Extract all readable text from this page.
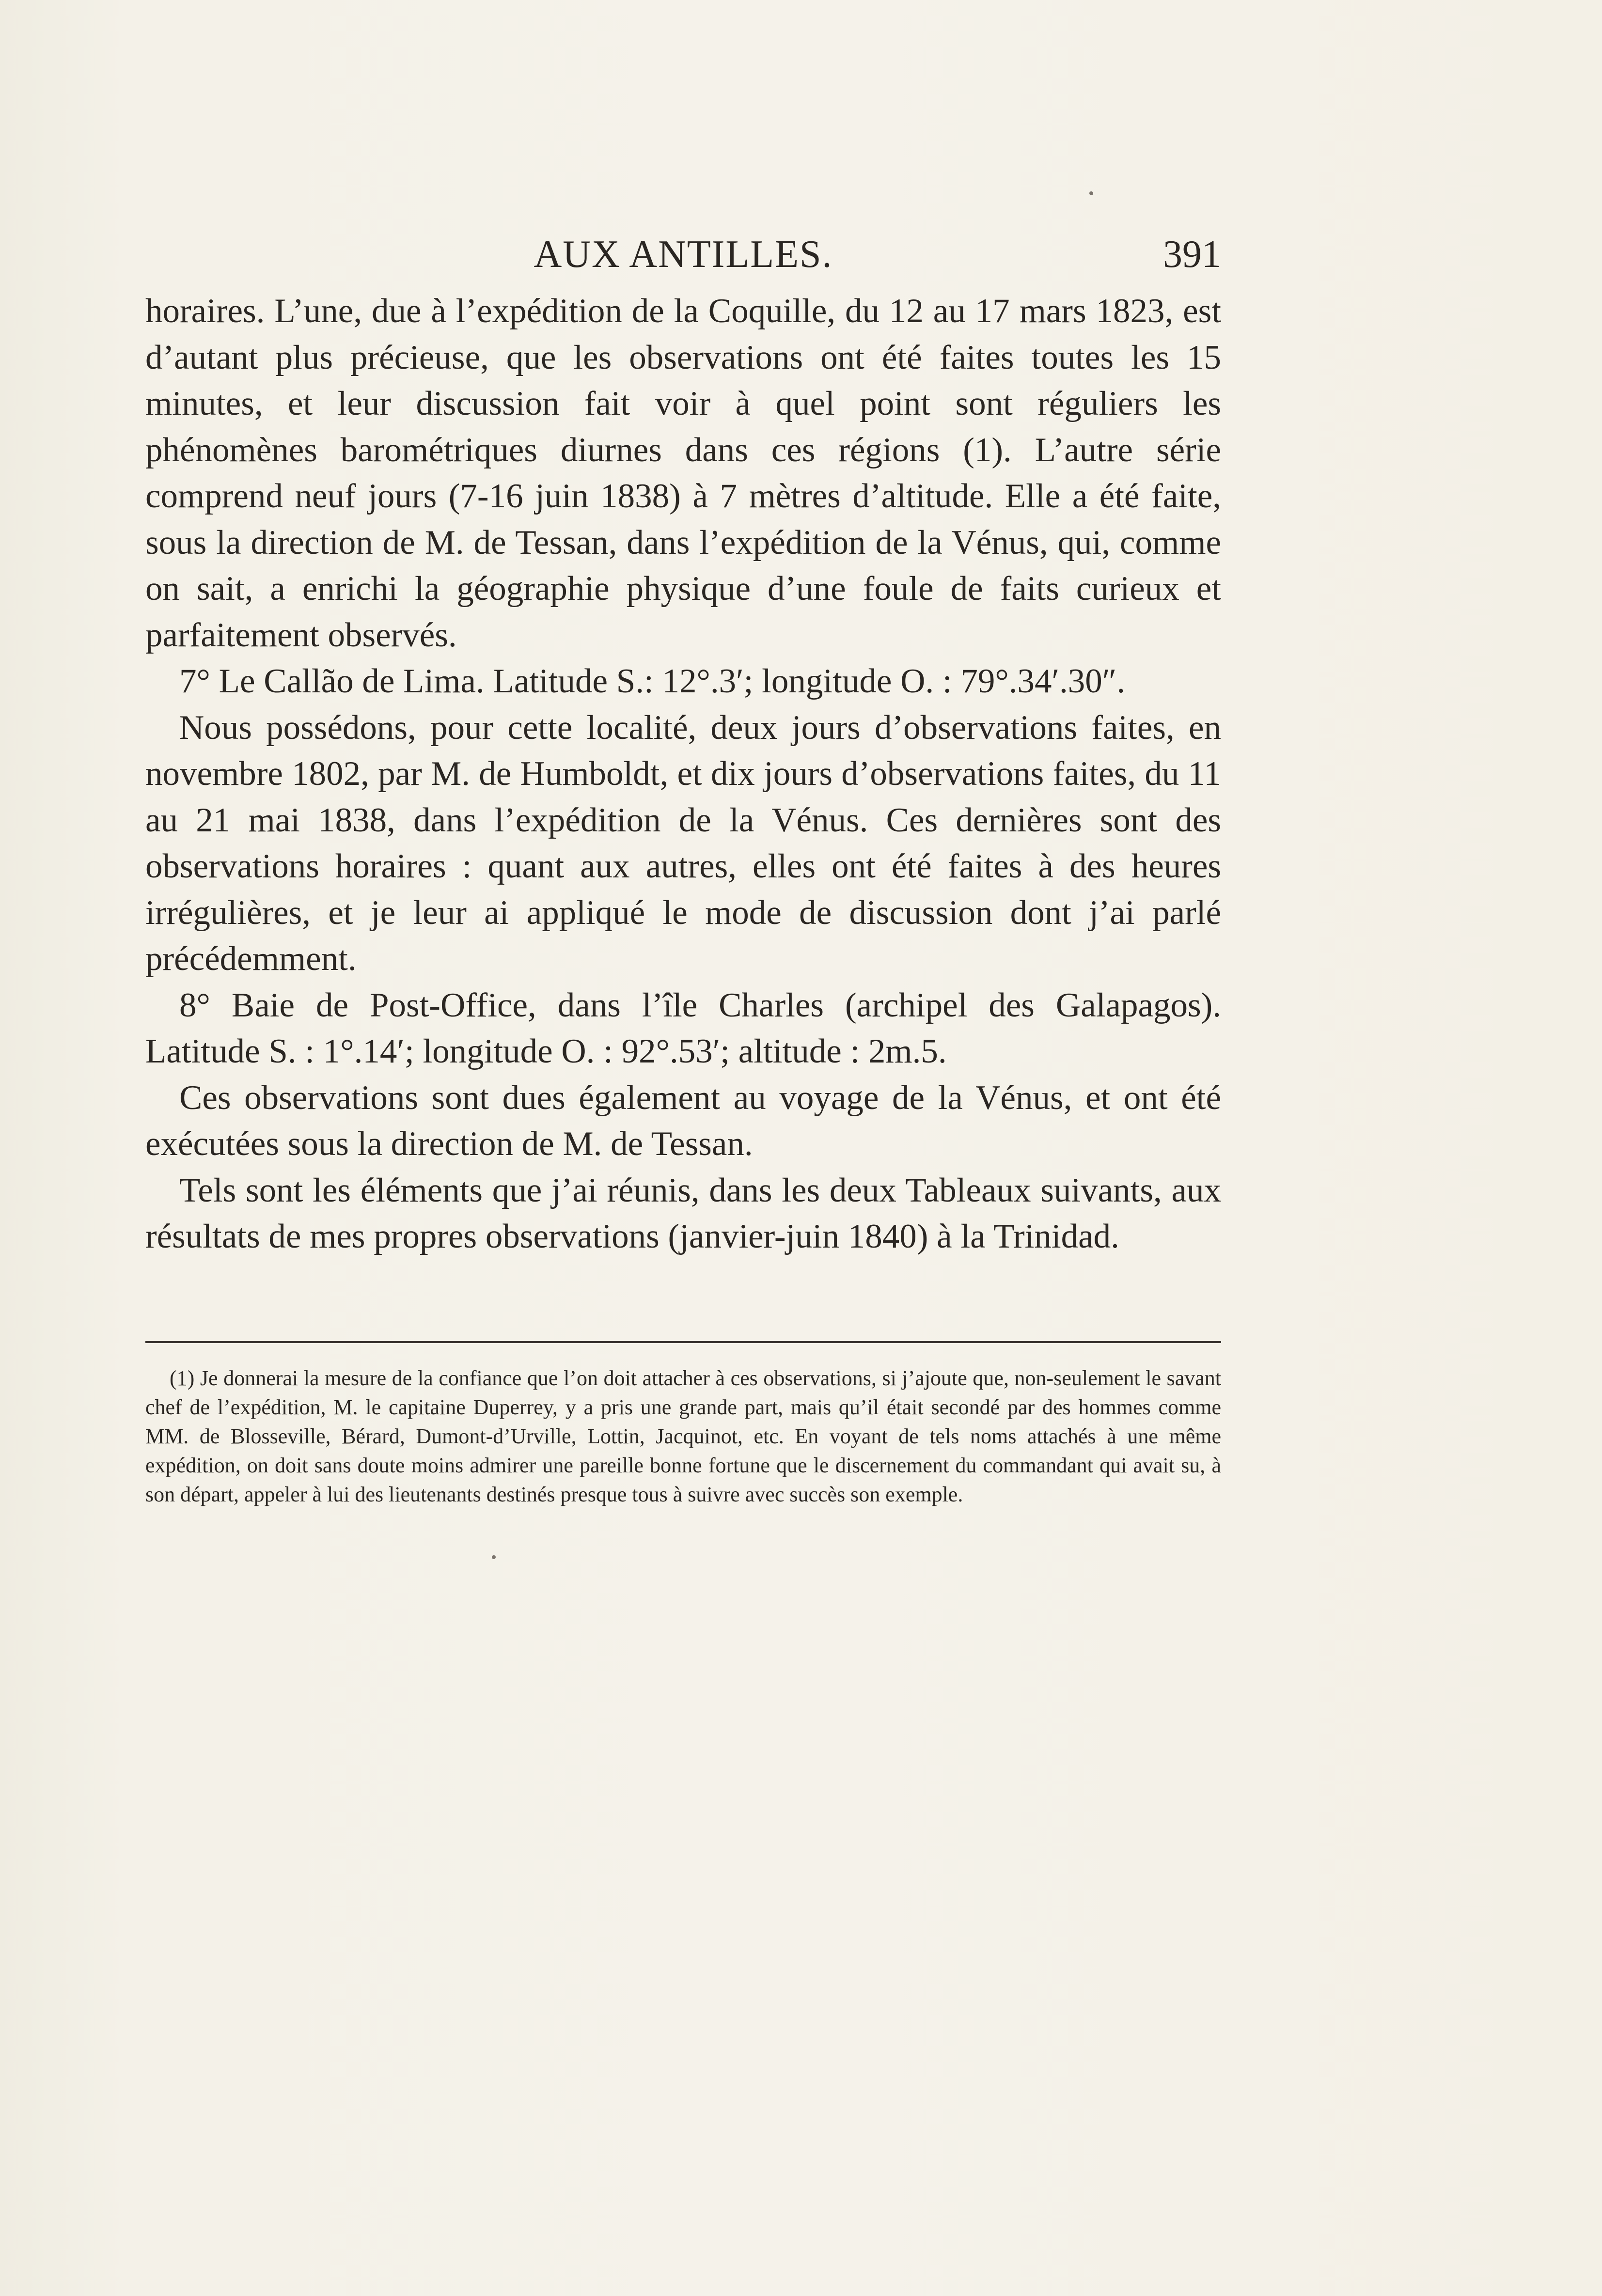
AUX ANTILLES.	391

horaires. L’une, due à l’expédition de la Coquille, du 12 au 17 mars 1823, est d’autant plus précieuse, que les observations ont été faites toutes les 15 minutes, et leur discussion fait voir à quel point sont réguliers les phénomènes barométriques diurnes dans ces régions (1). L’autre série comprend neuf jours (7-16 juin 1838) à 7 mètres d’altitude. Elle a été faite, sous la direction de M. de Tessan, dans l’expédition de la Vénus, qui, comme on sait, a enrichi la géographie physique d’une foule de faits curieux et parfaitement observés.

7° Le Callão de Lima. Latitude S.: 12°.3′; longitude O. : 79°.34′.30″.

Nous possédons, pour cette localité, deux jours d’observations faites, en novembre 1802, par M. de Humboldt, et dix jours d’observations faites, du 11 au 21 mai 1838, dans l’expédition de la Vénus. Ces dernières sont des observations horaires : quant aux autres, elles ont été faites à des heures irrégulières, et je leur ai appliqué le mode de discussion dont j’ai parlé précédemment.

8° Baie de Post-Office, dans l’île Charles (archipel des Galapagos). Latitude S. : 1°.14′; longitude O. : 92°.53′; altitude : 2m.5.

Ces observations sont dues également au voyage de la Vénus, et ont été exécutées sous la direction de M. de Tessan.

Tels sont les éléments que j’ai réunis, dans les deux Tableaux suivants, aux résultats de mes propres observations (janvier-juin 1840) à la Trinidad.

(1) Je donnerai la mesure de la confiance que l’on doit attacher à ces observations, si j’ajoute que, non-seulement le savant chef de l’expédition, M. le capitaine Duperrey, y a pris une grande part, mais qu’il était secondé par des hommes comme MM. de Blosseville, Bérard, Dumont-d’Urville, Lottin, Jacquinot, etc. En voyant de tels noms attachés à une même expédition, on doit sans doute moins admirer une pareille bonne fortune que le discernement du commandant qui avait su, à son départ, appeler à lui des lieutenants destinés presque tous à suivre avec succès son exemple.
